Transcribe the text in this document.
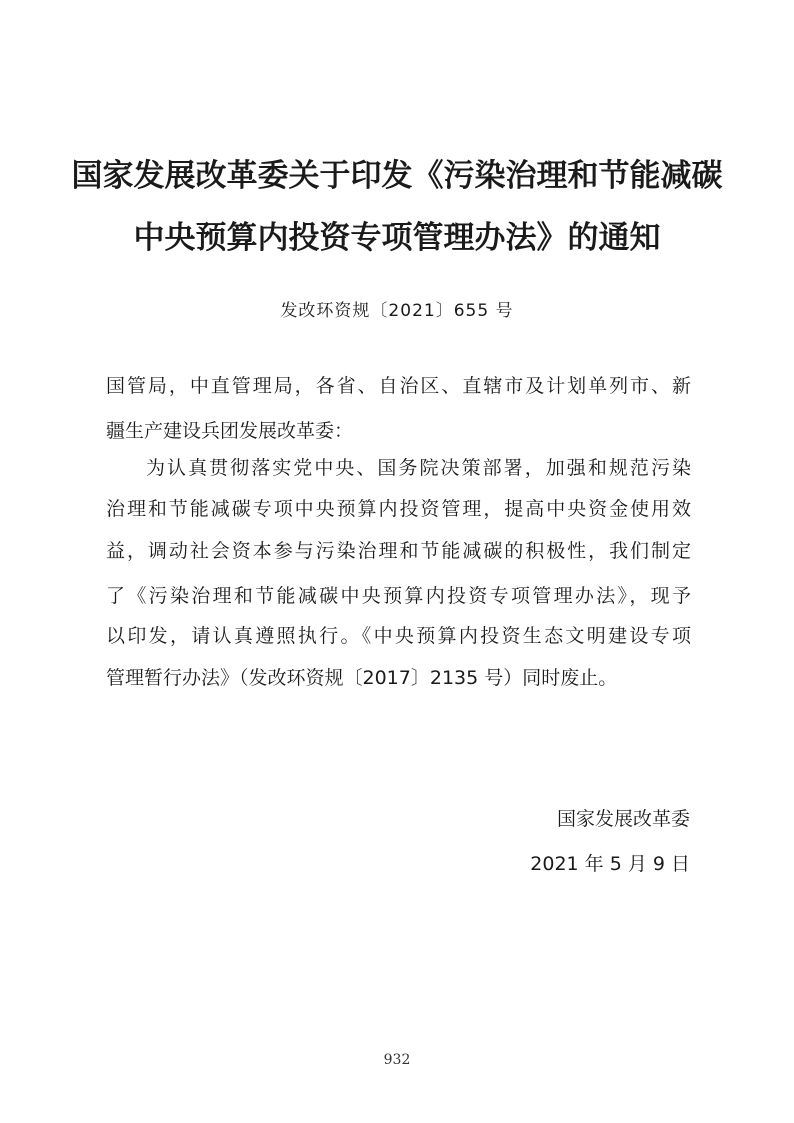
国家发展改革委关于印发《污染治理和节能减碳
中央预算内投资专项管理办法》的通知
发改环资规〔2021〕655 号
国管局，中直管理局，各省、自治区、直辖市及计划单列市、新
疆生产建设兵团发展改革委：
为认真贯彻落实党中央、国务院决策部署，加强和规范污染
治理和节能减碳专项中央预算内投资管理，提高中央资金使用效
益，调动社会资本参与污染治理和节能减碳的积极性，我们制定
了《污染治理和节能减碳中央预算内投资专项管理办法》，现予
以印发，请认真遵照执行。《中央预算内投资生态文明建设专项
管理暂行办法》（发改环资规〔2017〕2135 号）同时废止。
国家发展改革委
2021 年 5 月 9 日
932
